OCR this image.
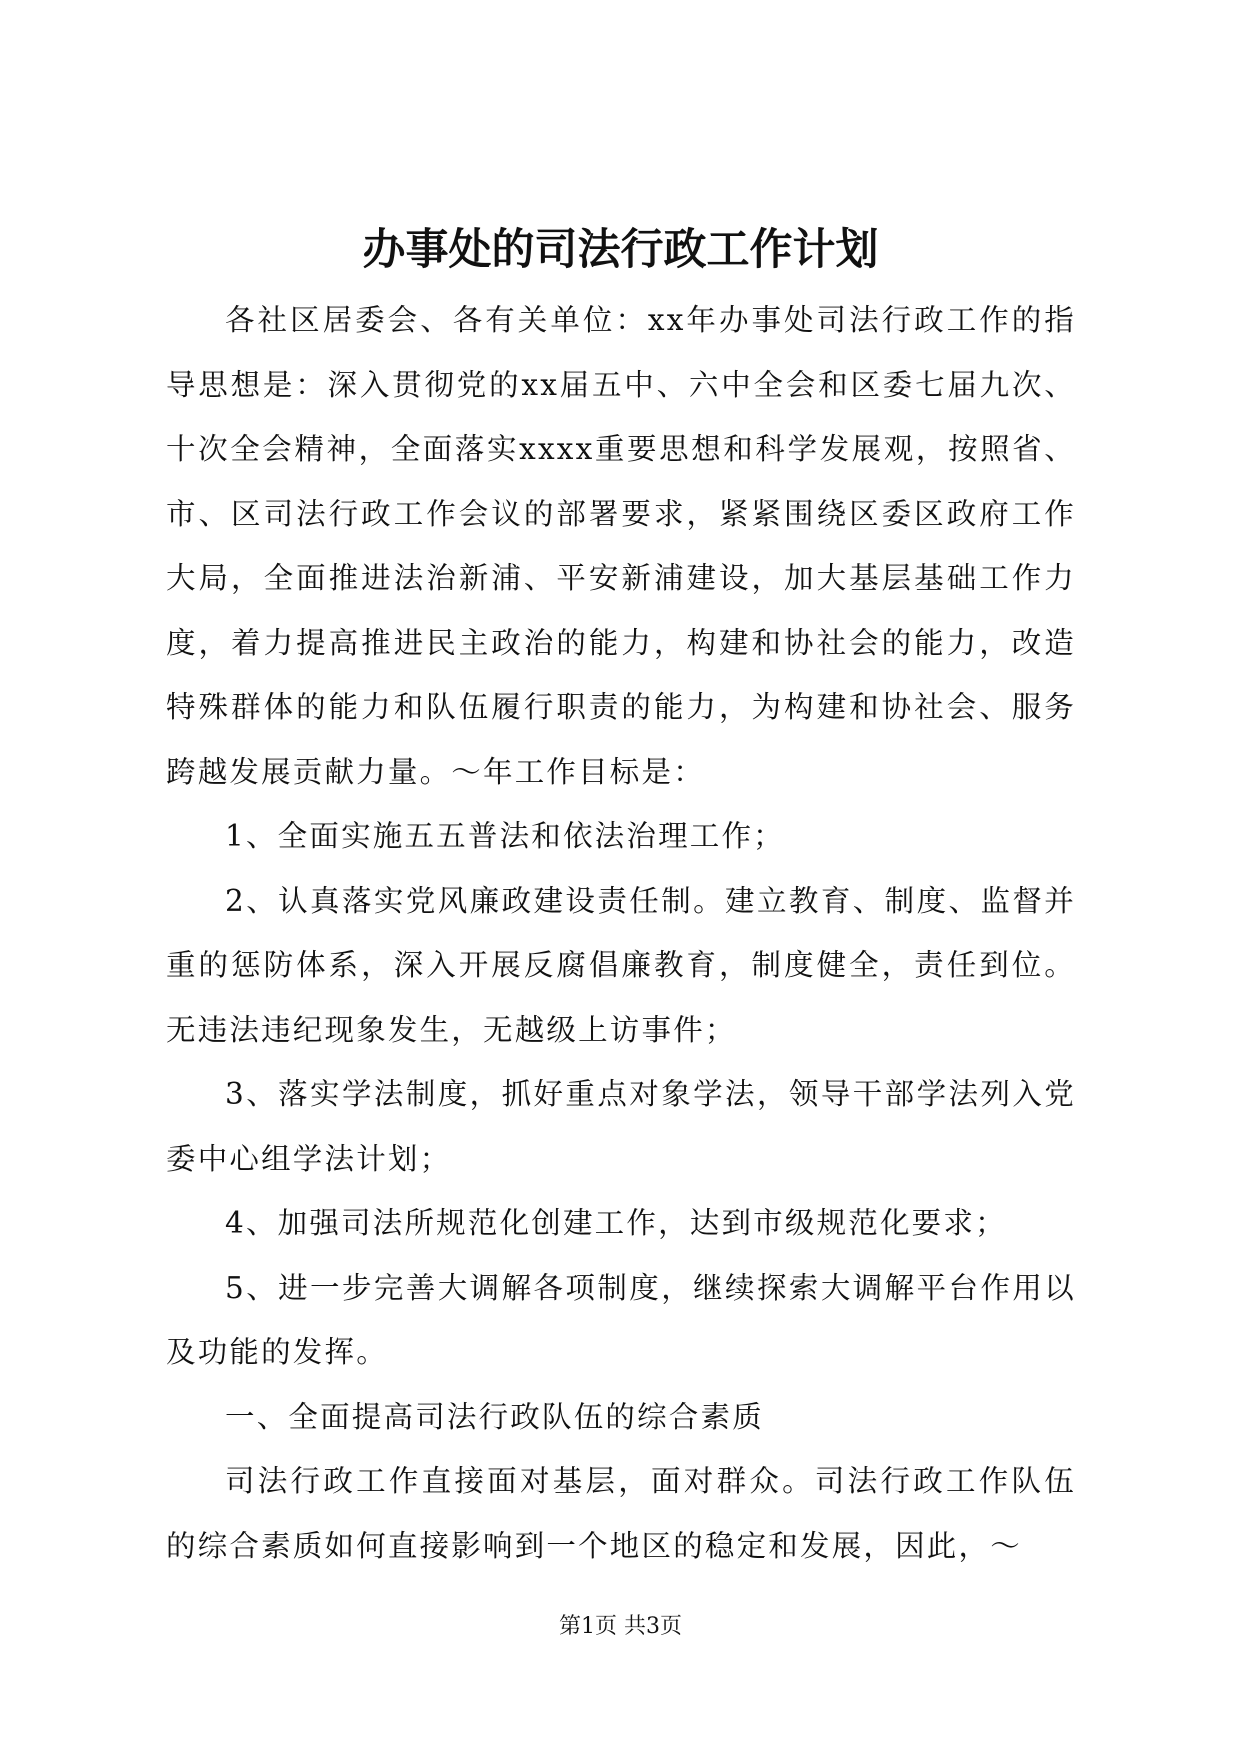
办事处的司法行政工作计划

各社区居委会、各有关单位：xx年办事处司法行政工作的指导思想是：深入贯彻党的xx届五中、六中全会和区委七届九次、十次全会精神，全面落实xxxx重要思想和科学发展观，按照省、市、区司法行政工作会议的部署要求，紧紧围绕区委区政府工作大局，全面推进法治新浦、平安新浦建设，加大基层基础工作力度，着力提高推进民主政治的能力，构建和协社会的能力，改造特殊群体的能力和队伍履行职责的能力，为构建和协社会、服务跨越发展贡献力量。～年工作目标是：

1、全面实施五五普法和依法治理工作；

2、认真落实党风廉政建设责任制。建立教育、制度、监督并重的惩防体系，深入开展反腐倡廉教育，制度健全，责任到位。无违法违纪现象发生，无越级上访事件；

3、落实学法制度，抓好重点对象学法，领导干部学法列入党委中心组学法计划；

4、加强司法所规范化创建工作，达到市级规范化要求；

5、进一步完善大调解各项制度，继续探索大调解平台作用以及功能的发挥。

一、全面提高司法行政队伍的综合素质

司法行政工作直接面对基层，面对群众。司法行政工作队伍的综合素质如何直接影响到一个地区的稳定和发展，因此，～

第1页 共3页
